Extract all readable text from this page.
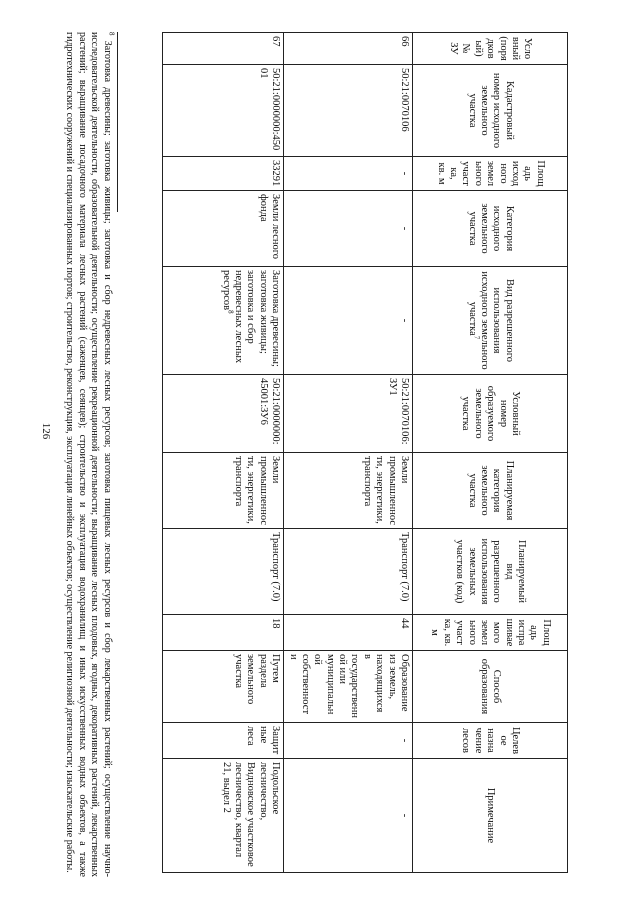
126
Условный (порядковый) № ЗУ	Кадастровый номер исходного земельного участка	Площадь исходного земельного участка, кв. м	Категория исходного земельного участка	Вид разрешенного использования исходного земельного участка$^7$	Условный номер образуемого земельного участка	Планируемая категория земельного участка	Планируемый вид разрешенного использования земельных участков (код)	Площадь испрашиваемого земельного участка, кв. м	Способ образования	Целевое назначение лесов	Примечание
66	50:21:0070106	-	-	-	50:21:0070106:ЗУ1	Земли промышленности, энергетики, транспорта	Транспорт (7.0)	44	Образование из земель, находящихся в государственной или муниципальной собственности	-	-
67	50:21:0000000:45001	33291	Земли лесного фонда	Заготовка древесины; заготовка живицы; заготовка и сбор недревесных лесных ресурсов$^8$	50:21:0000000:45001:ЗУ6	Земли промышленности, энергетики, транспорта	Транспорт (7.0)	18	Путем раздела земельного участка	Защитные леса	Подольское лесничество, Видновское участковое лесничество, квартал 21, выдел 2
$^8$ Заготовка древесины; заготовка живицы; заготовка и сбор недревесных лесных ресурсов; заготовка пищевых лесных ресурсов и сбор лекарственных растений; осуществление научно-исследовательской деятельности, образовательной деятельности; осуществление рекреационной деятельности; выращивание лесных плодовых, ягодных, декоративных растений, лекарственных растений; выращивание посадочного материала лесных растений (саженцев, сеянцев); строительство и эксплуатация водохранилищ и иных искусственных водных объектов, а также гидротехнических сооружений и специализированных портов; строительство, реконструкция, эксплуатация линейных объектов; осуществление религиозной деятельности; изыскательские работы.
